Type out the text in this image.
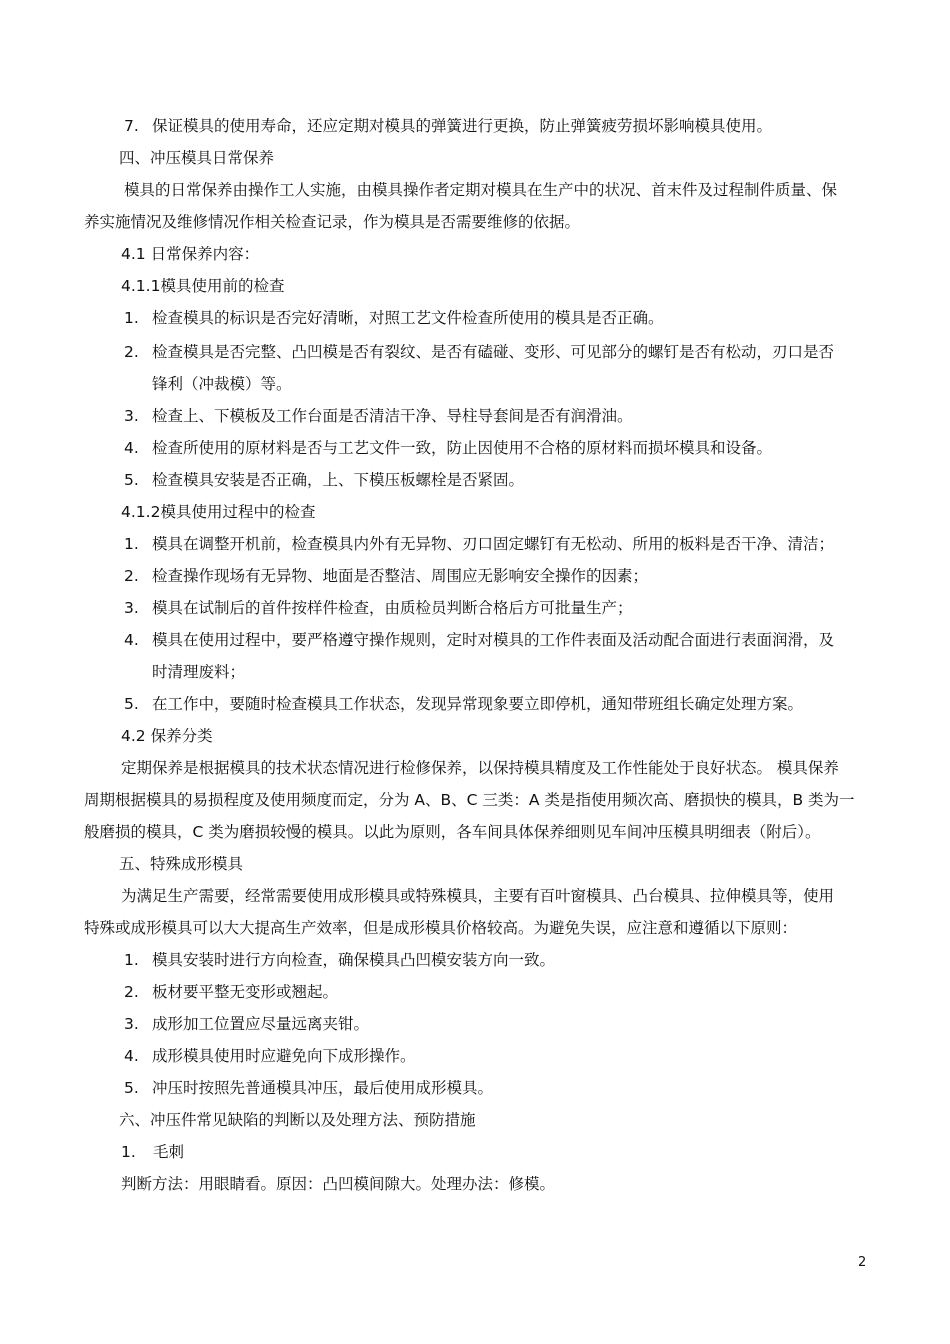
7. 保证模具的使用寿命，还应定期对模具的弹簧进行更换，防止弹簧疲劳损坏影响模具使用。
四、冲压模具日常保养
模具的日常保养由操作工人实施，由模具操作者定期对模具在生产中的状况、首末件及过程制件质量、保
养实施情况及维修情况作相关检查记录，作为模具是否需要维修的依据。
4.1 日常保养内容：
4.1.1模具使用前的检查
1. 检查模具的标识是否完好清晰，对照工艺文件检查所使用的模具是否正确。
2. 检查模具是否完整、凸凹模是否有裂纹、是否有磕碰、变形、可见部分的螺钉是否有松动，刃口是否
锋利（冲裁模）等。
3. 检查上、下模板及工作台面是否清洁干净、导柱导套间是否有润滑油。
4. 检查所使用的原材料是否与工艺文件一致，防止因使用不合格的原材料而损坏模具和设备。
5. 检查模具安装是否正确，上、下模压板螺栓是否紧固。
4.1.2模具使用过程中的检查
1. 模具在调整开机前，检查模具内外有无异物、刃口固定螺钉有无松动、所用的板料是否干净、清洁；
2. 检查操作现场有无异物、地面是否整洁、周围应无影响安全操作的因素；
3. 模具在试制后的首件按样件检查，由质检员判断合格后方可批量生产；
4. 模具在使用过程中，要严格遵守操作规则，定时对模具的工作件表面及活动配合面进行表面润滑，及
时清理废料；
5. 在工作中，要随时检查模具工作状态，发现异常现象要立即停机，通知带班组长确定处理方案。
4.2 保养分类
定期保养是根据模具的技术状态情况进行检修保养，以保持模具精度及工作性能处于良好状态。 模具保养
周期根据模具的易损程度及使用频度而定，分为 A、B、C 三类：A 类是指使用频次高、磨损快的模具，B 类为一
般磨损的模具，C 类为磨损较慢的模具。以此为原则，各车间具体保养细则见车间冲压模具明细表（附后）。
五、特殊成形模具
为满足生产需要，经常需要使用成形模具或特殊模具，主要有百叶窗模具、凸台模具、拉伸模具等，使用
特殊或成形模具可以大大提高生产效率，但是成形模具价格较高。为避免失误，应注意和遵循以下原则：
1. 模具安装时进行方向检查，确保模具凸凹模安装方向一致。
2. 板材要平整无变形或翘起。
3. 成形加工位置应尽量远离夹钳。
4. 成形模具使用时应避免向下成形操作。
5. 冲压时按照先普通模具冲压，最后使用成形模具。
六、冲压件常见缺陷的判断以及处理方法、预防措施
1. 毛刺
判断方法：用眼睛看。原因：凸凹模间隙大。处理办法：修模。
2
